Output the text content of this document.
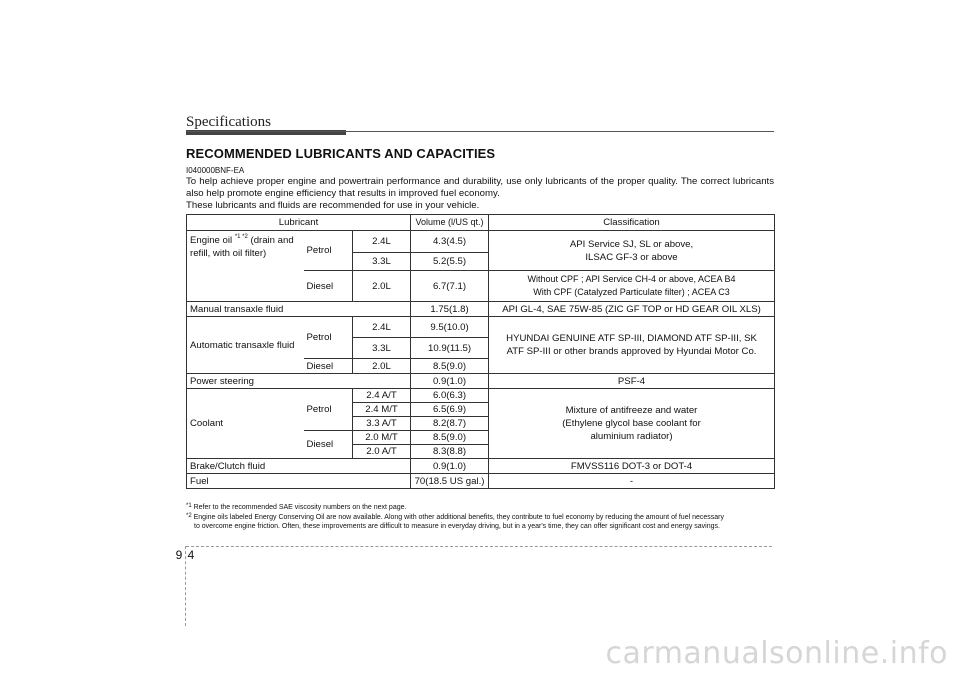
Specifications
RECOMMENDED LUBRICANTS AND CAPACITIES
I040000BNF-EA
To help achieve proper engine and powertrain performance and durability, use only lubricants of the proper quality. The correct lubricants also help promote engine efficiency that results in improved fuel economy.
These lubricants and fluids are recommended for use in your vehicle.
Lubricant			Volume (l/US qt.)	Classification
Engine oil $^{*1 *2}$ (drain and refill, with oil filter)	Petrol	2.4L	4.3(4.5)	API Service SJ, SL or above,
ILSAC GF-3 or above

		3.3L	5.2(5.5)	
	Diesel	2.0L	6.7(7.1)	Without CPF ; API Service CH-4 or above, ACEA B4
With CPF (Catalyzed Particulate filter) ; ACEA C3

Manual transaxle fluid			1.75(1.8)	API GL-4, SAE 75W-85 (ZIC GF TOP or HD GEAR OIL XLS)
Automatic transaxle fluid	Petrol	2.4L	9.5(10.0)	HYUNDAI GENUINE ATF SP-III, DIAMOND ATF SP-III, SK
ATF SP-III or other brands approved by Hyundai Motor Co.

		3.3L	10.9(11.5)	
	Diesel	2.0L	8.5(9.0)	
Power steering			0.9(1.0)	PSF-4
Coolant	Petrol	2.4 A/T	6.0(6.3)	Mixture of antifreeze and water
(Ethylene glycol base coolant for
aluminium radiator)

		2.4 M/T	6.5(6.9)	
		3.3 A/T	8.2(8.7)	
	Diesel	2.0 M/T	8.5(9.0)	
		2.0 A/T	8.3(8.8)	
Brake/Clutch fluid			0.9(1.0)	FMVSS116 DOT-3 or DOT-4
Fuel			70(18.5 US gal.)	-
$^{*1}$ Refer to the recommended SAE viscosity numbers on the next page.
$^{*2}$ Engine oils labeled Energy Conserving Oil are now available. Along with other additional benefits, they contribute to fuel economy by reducing the amount of fuel necessary
to overcome engine friction. Often, these improvements are difficult to measure in everyday driving, but in a year's time, they can offer significant cost and energy savings.
9 4
carmanualsonline.info
